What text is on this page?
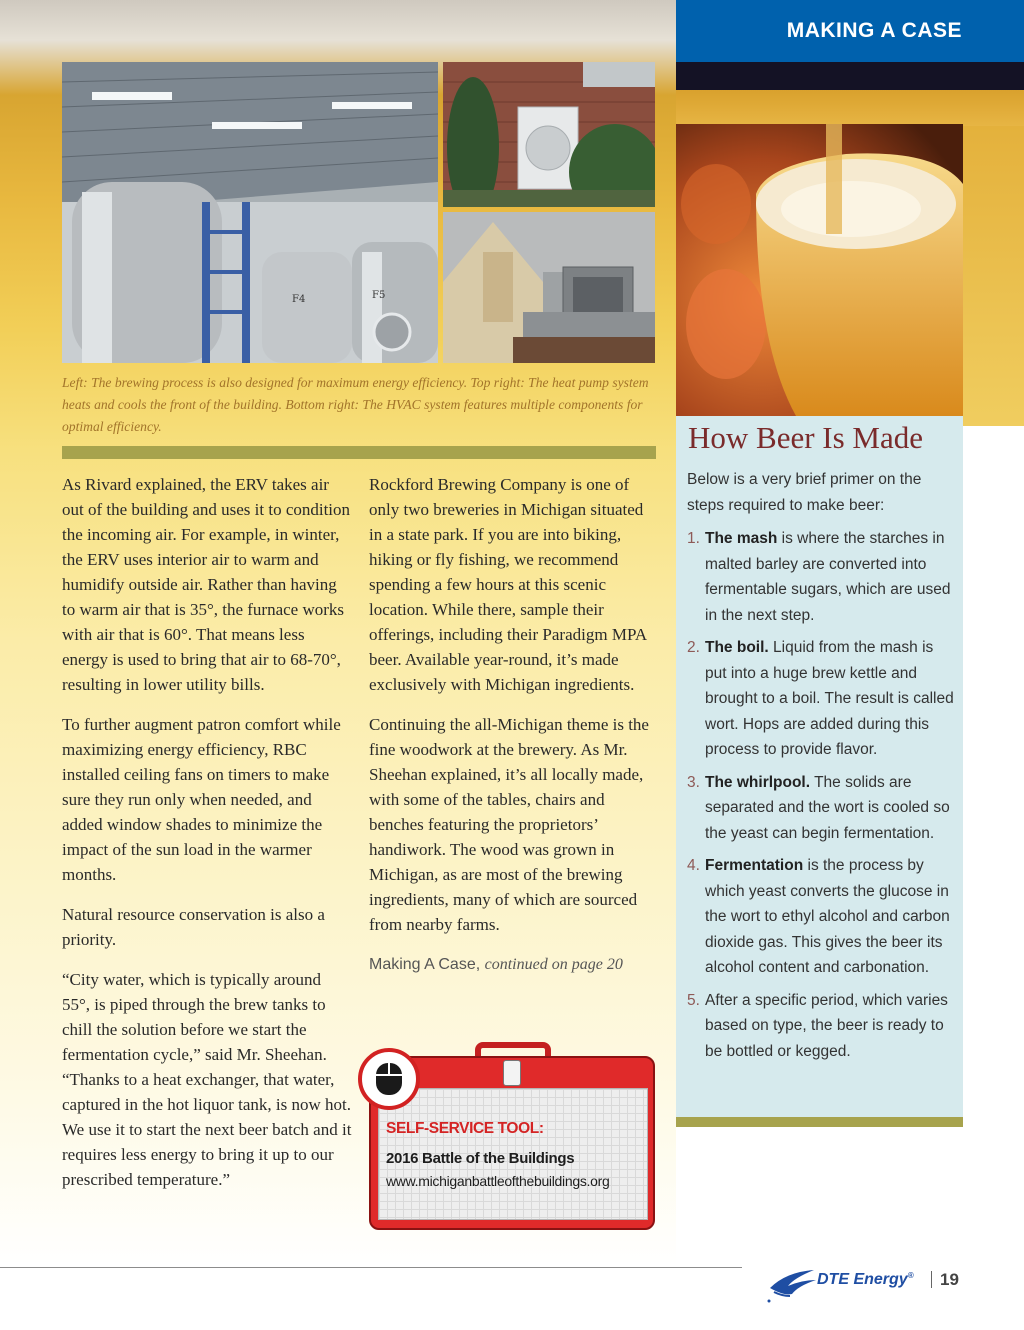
MAKING A CASE
F4	F5
Left: The brewing process is also designed for maximum energy efficiency. Top right: The heat pump system heats and cools the front of the building. Bottom right: The HVAC system features multiple components for optimal efficiency.

As Rivard explained, the ERV takes air out of the building and uses it to condition the incoming air. For example, in winter, the ERV uses interior air to warm and humidify outside air. Rather than having to warm air that is 35°, the furnace works with air that is 60°. That means less energy is used to bring that air to 68-70°, resulting in lower utility bills.

To further augment patron comfort while maximizing energy efficiency, RBC installed ceiling fans on timers to make sure they run only when needed, and added window shades to minimize the impact of the sun load in the warmer months.

Natural resource conservation is also a priority.

“City water, which is typically around 55°, is piped through the brew tanks to chill the solution before we start the fermentation cycle,” said Mr. Sheehan. “Thanks to a heat exchanger, that water, captured in the hot liquor tank, is now hot. We use it to start the next beer batch and it requires less energy to bring it up to our prescribed temperature.”

Rockford Brewing Company is one of only two breweries in Michigan situated in a state park. If you are into biking, hiking or fly fishing, we recommend spending a few hours at this scenic location. While there, sample their offerings, including their Paradigm MPA beer. Available year-round, it’s made exclusively with Michigan ingredients.

Continuing the all-Michigan theme is the fine woodwork at the brewery. As Mr. Sheehan explained, it’s all locally made, with some of the tables, chairs and benches featuring the proprietors’ handiwork. The wood was grown in Michigan, as are most of the brewing ingredients, many of which are sourced from nearby farms.

Making A Case, continued on page 20

How Beer Is Made

Below is a very brief primer on the steps required to make beer:

1. The mash is where the starches in malted barley are converted into fermentable sugars, which are used in the next step.
2. The boil. Liquid from the mash is put into a huge brew kettle and brought to a boil. The result is called wort. Hops are added during this process to provide flavor.
3. The whirlpool. The solids are separated and the wort is cooled so the yeast can begin fermentation.
4. Fermentation is the process by which yeast converts the glucose in the wort to ethyl alcohol and carbon dioxide gas. This gives the beer its alcohol content and carbonation.
5. After a specific period, which varies based on type, the beer is ready to be bottled or kegged.
SELF-SERVICE TOOL:
2016 Battle of the Buildings
www.michiganbattleofthebuildings.org
DTE Energy® 19
